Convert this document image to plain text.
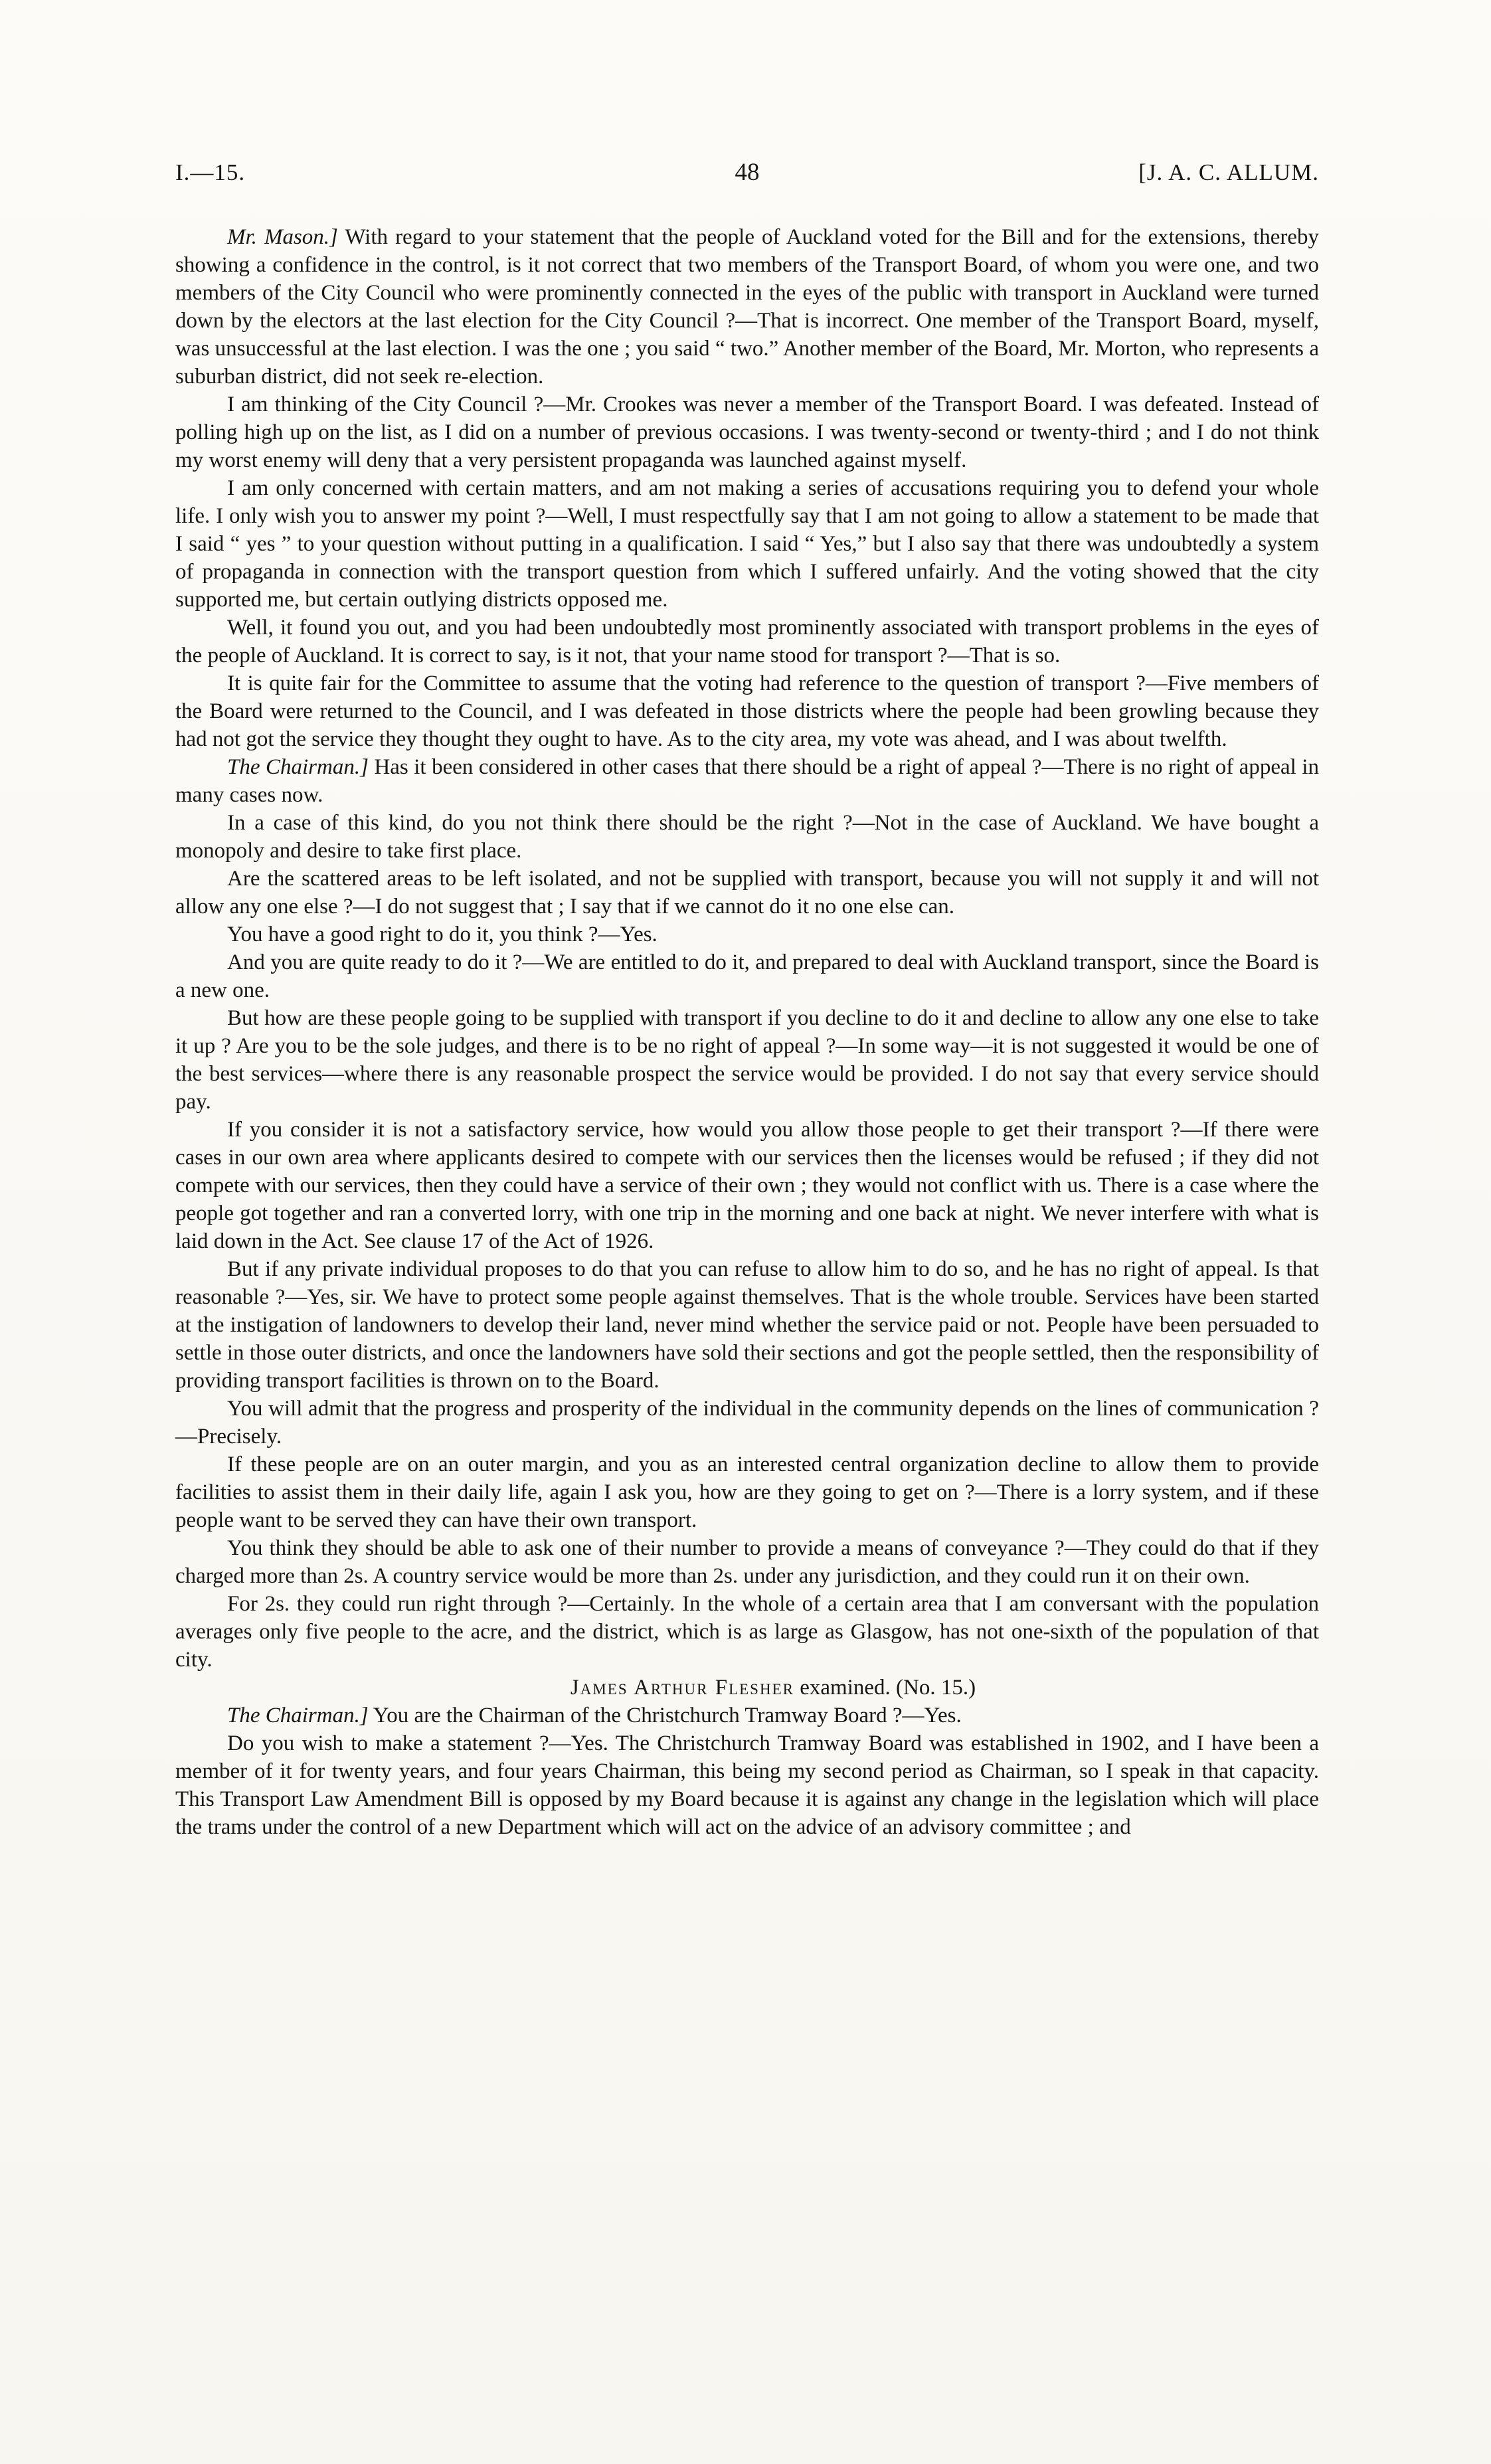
I.—15.	48	[J. A. C. ALLUM.

Mr. Mason.] With regard to your statement that the people of Auckland voted for the Bill and for the extensions, thereby showing a confidence in the control, is it not correct that two members of the Transport Board, of whom you were one, and two members of the City Council who were prominently connected in the eyes of the public with transport in Auckland were turned down by the electors at the last election for the City Council ?—That is incorrect. One member of the Transport Board, myself, was unsuccessful at the last election. I was the one ; you said “ two.” Another member of the Board, Mr. Morton, who represents a suburban district, did not seek re-election.

I am thinking of the City Council ?—Mr. Crookes was never a member of the Transport Board. I was defeated. Instead of polling high up on the list, as I did on a number of previous occasions. I was twenty-second or twenty-third ; and I do not think my worst enemy will deny that a very persistent propaganda was launched against myself.

I am only concerned with certain matters, and am not making a series of accusations requiring you to defend your whole life. I only wish you to answer my point ?—Well, I must respectfully say that I am not going to allow a statement to be made that I said “ yes ” to your question without putting in a qualification. I said “ Yes,” but I also say that there was undoubtedly a system of propaganda in connection with the transport question from which I suffered unfairly. And the voting showed that the city supported me, but certain outlying districts opposed me.

Well, it found you out, and you had been undoubtedly most prominently associated with transport problems in the eyes of the people of Auckland. It is correct to say, is it not, that your name stood for transport ?—That is so.

It is quite fair for the Committee to assume that the voting had reference to the question of transport ?—Five members of the Board were returned to the Council, and I was defeated in those districts where the people had been growling because they had not got the service they thought they ought to have. As to the city area, my vote was ahead, and I was about twelfth.

The Chairman.] Has it been considered in other cases that there should be a right of appeal ?—There is no right of appeal in many cases now.

In a case of this kind, do you not think there should be the right ?—Not in the case of Auckland. We have bought a monopoly and desire to take first place.

Are the scattered areas to be left isolated, and not be supplied with transport, because you will not supply it and will not allow any one else ?—I do not suggest that ; I say that if we cannot do it no one else can.

You have a good right to do it, you think ?—Yes.

And you are quite ready to do it ?—We are entitled to do it, and prepared to deal with Auckland transport, since the Board is a new one.

But how are these people going to be supplied with transport if you decline to do it and decline to allow any one else to take it up ? Are you to be the sole judges, and there is to be no right of appeal ?—In some way—it is not suggested it would be one of the best services—where there is any reasonable prospect the service would be provided. I do not say that every service should pay.

If you consider it is not a satisfactory service, how would you allow those people to get their transport ?—If there were cases in our own area where applicants desired to compete with our services then the licenses would be refused ; if they did not compete with our services, then they could have a service of their own ; they would not conflict with us. There is a case where the people got together and ran a converted lorry, with one trip in the morning and one back at night. We never interfere with what is laid down in the Act. See clause 17 of the Act of 1926.

But if any private individual proposes to do that you can refuse to allow him to do so, and he has no right of appeal. Is that reasonable ?—Yes, sir. We have to protect some people against themselves. That is the whole trouble. Services have been started at the instigation of landowners to develop their land, never mind whether the service paid or not. People have been persuaded to settle in those outer districts, and once the landowners have sold their sections and got the people settled, then the responsibility of providing transport facilities is thrown on to the Board.

You will admit that the progress and prosperity of the individual in the community depends on the lines of communication ?—Precisely.

If these people are on an outer margin, and you as an interested central organization decline to allow them to provide facilities to assist them in their daily life, again I ask you, how are they going to get on ?—There is a lorry system, and if these people want to be served they can have their own transport.

You think they should be able to ask one of their number to provide a means of conveyance ?—They could do that if they charged more than 2s. A country service would be more than 2s. under any jurisdiction, and they could run it on their own.

For 2s. they could run right through ?—Certainly. In the whole of a certain area that I am conversant with the population averages only five people to the acre, and the district, which is as large as Glasgow, has not one-sixth of the population of that city.

James Arthur Flesher examined. (No. 15.)

The Chairman.] You are the Chairman of the Christchurch Tramway Board ?—Yes.

Do you wish to make a statement ?—Yes. The Christchurch Tramway Board was established in 1902, and I have been a member of it for twenty years, and four years Chairman, this being my second period as Chairman, so I speak in that capacity. This Transport Law Amendment Bill is opposed by my Board because it is against any change in the legislation which will place the trams under the control of a new Department which will act on the advice of an advisory committee ; and
